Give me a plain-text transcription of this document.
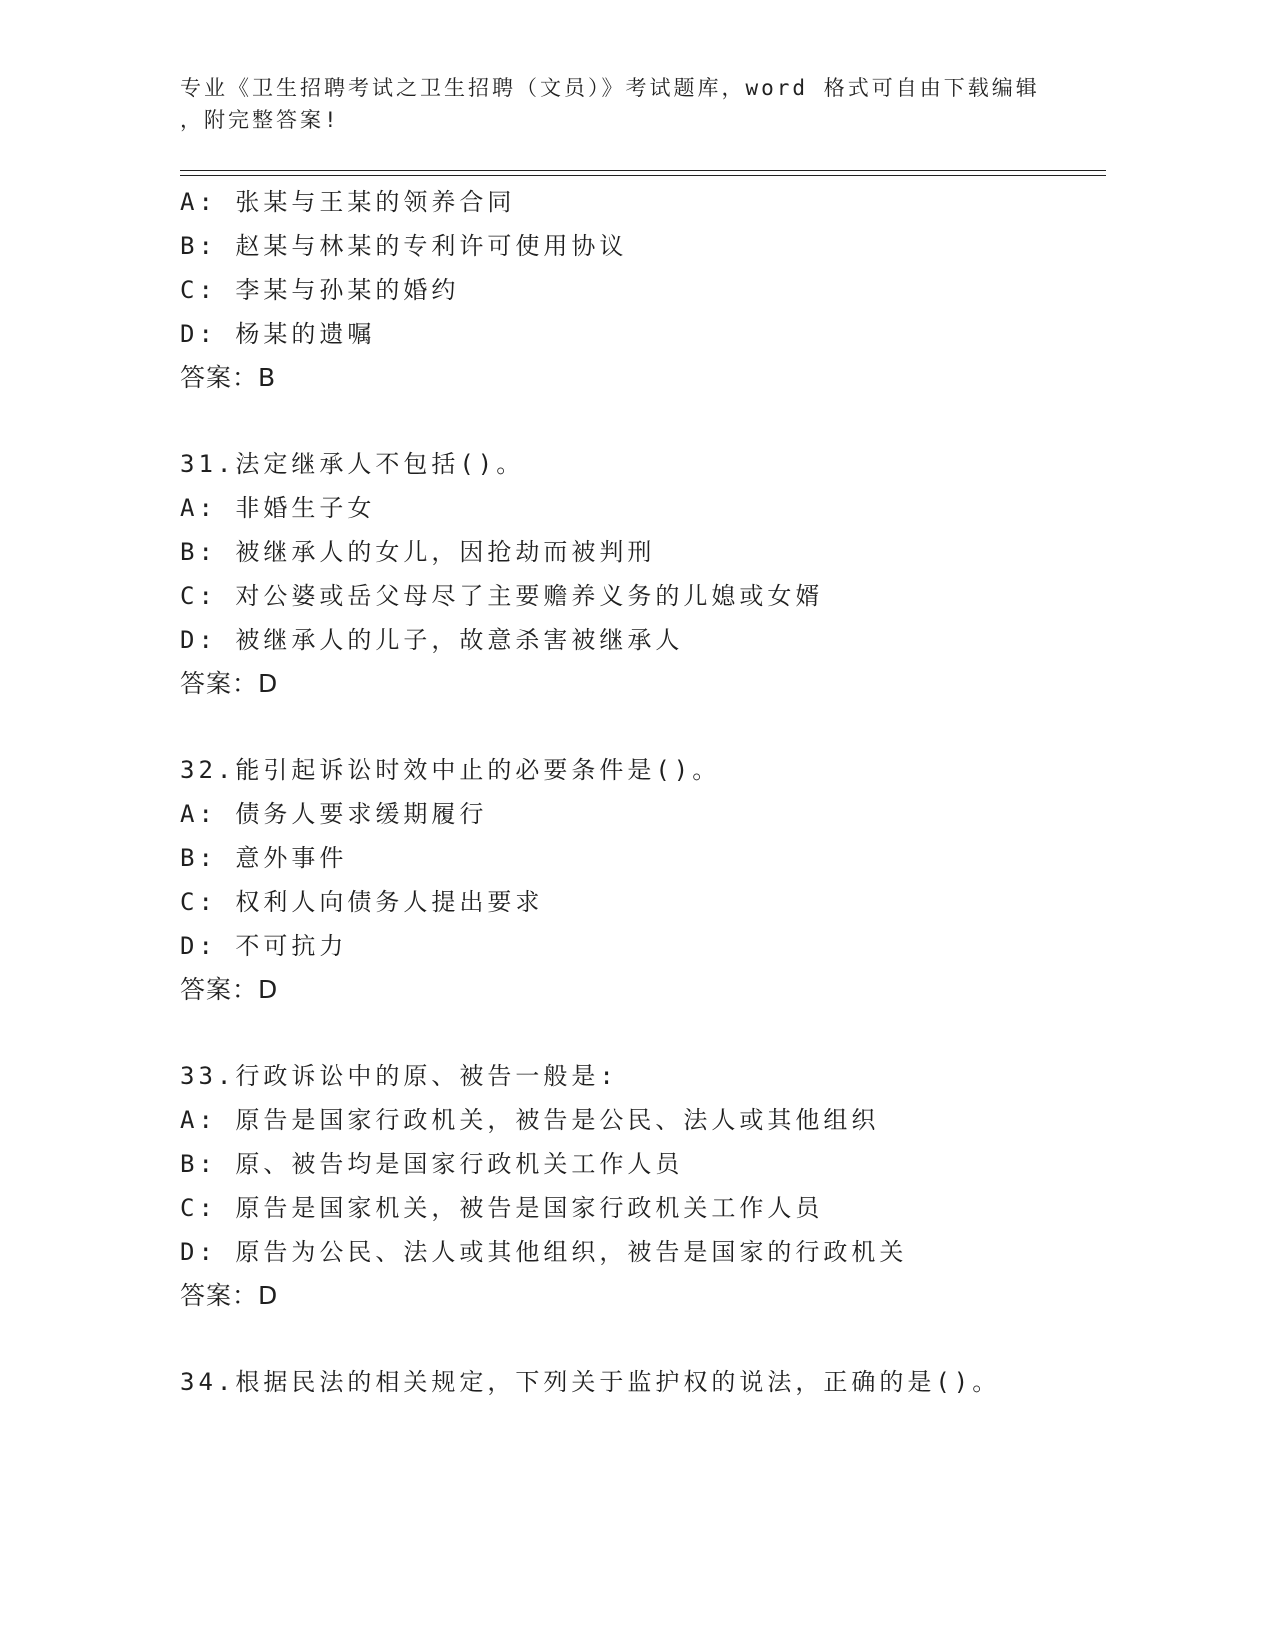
专业《卫生招聘考试之卫生招聘（文员）》考试题库，word 格式可自由下载编辑
，附完整答案!
A: 张某与王某的领养合同
B: 赵某与林某的专利许可使用协议
C: 李某与孙某的婚约
D: 杨某的遗嘱
答案：B
31.法定继承人不包括()。
A: 非婚生子女
B: 被继承人的女儿，因抢劫而被判刑
C: 对公婆或岳父母尽了主要赡养义务的儿媳或女婿
D: 被继承人的儿子，故意杀害被继承人
答案：D
32.能引起诉讼时效中止的必要条件是()。
A: 债务人要求缓期履行
B: 意外事件
C: 权利人向债务人提出要求
D: 不可抗力
答案：D
33.行政诉讼中的原、被告一般是:
A: 原告是国家行政机关，被告是公民、法人或其他组织
B: 原、被告均是国家行政机关工作人员
C: 原告是国家机关，被告是国家行政机关工作人员
D: 原告为公民、法人或其他组织，被告是国家的行政机关
答案：D
34.根据民法的相关规定，下列关于监护权的说法，正确的是()。
